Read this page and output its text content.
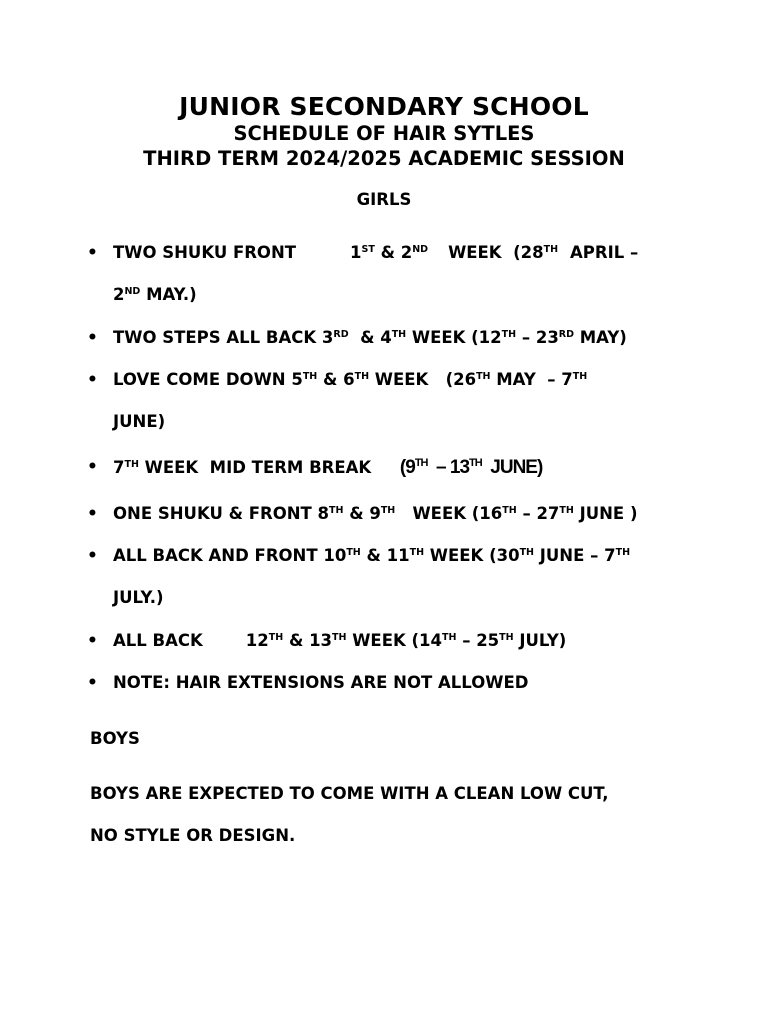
JUNIOR SECONDARY SCHOOL
SCHEDULE OF HAIR SYTLES
THIRD TERM 2024/2025 ACADEMIC SESSION
GIRLS
• TWO SHUKU FRONT	1ST & 2ND WEEK  (28TH APRIL –
2ND MAY.)
• TWO STEPS ALL BACK 3RD  & 4TH WEEK (12TH – 23RD MAY)
• LOVE COME DOWN 5TH & 6TH WEEK   (26TH MAY  – 7TH
JUNE)
• 7TH WEEK  MID TERM BREAK     (9TH  – 13TH  JUNE)
• ONE SHUKU & FRONT 8TH & 9TH   WEEK (16TH – 27TH JUNE )
• ALL BACK AND FRONT 10TH & 11TH WEEK (30TH JUNE – 7TH
JULY.)
• ALL BACK	12TH & 13TH WEEK (14TH – 25TH JULY)
• NOTE: HAIR EXTENSIONS ARE NOT ALLOWED

BOYS

BOYS ARE EXPECTED TO COME WITH A CLEAN LOW CUT,

NO STYLE OR DESIGN.
